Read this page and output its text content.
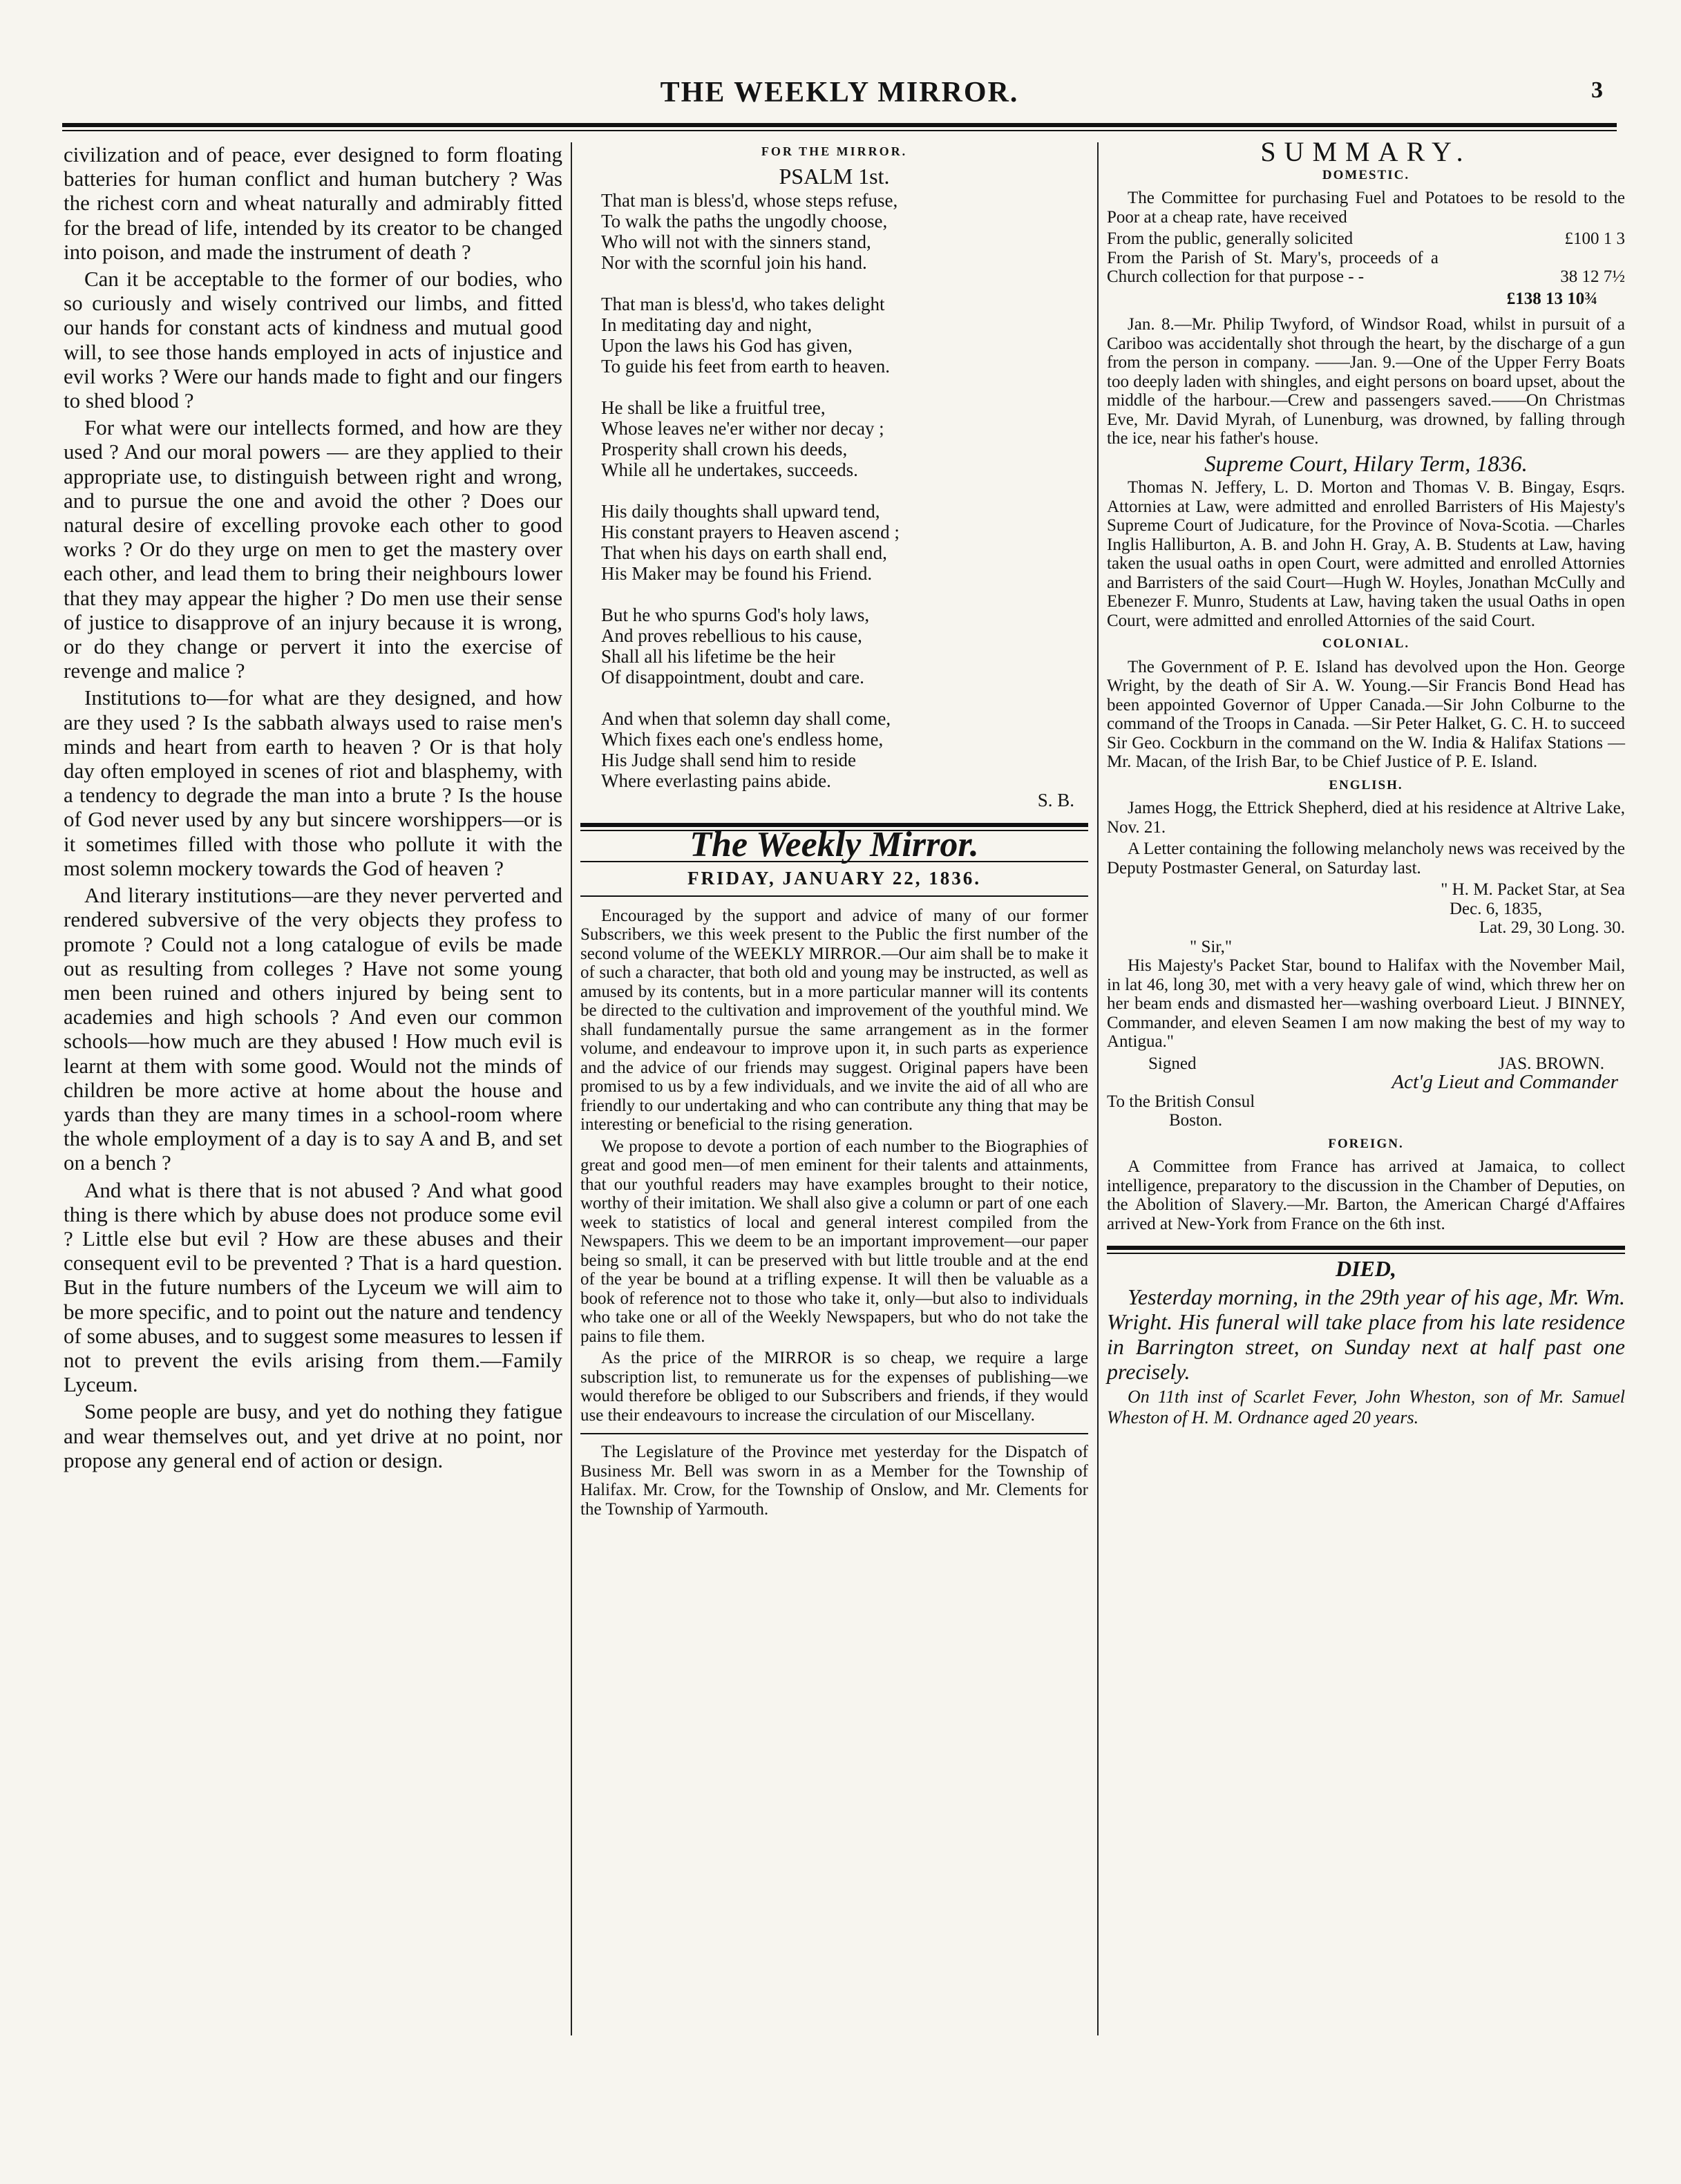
THE WEEKLY MIRROR.	3

civilization and of peace, ever designed to form floating batteries for human conflict and human butchery ? Was the richest corn and wheat naturally and admirably fitted for the bread of life, intended by its creator to be changed into poison, and made the instrument of death ?

Can it be acceptable to the former of our bodies, who so curiously and wisely contrived our limbs, and fitted our hands for constant acts of kindness and mutual good will, to see those hands employed in acts of injustice and evil works ? Were our hands made to fight and our fingers to shed blood ?

For what were our intellects formed, and how are they used ? And our moral powers — are they applied to their appropriate use, to distinguish between right and wrong, and to pursue the one and avoid the other ? Does our natural desire of excelling provoke each other to good works ? Or do they urge on men to get the mastery over each other, and lead them to bring their neighbours lower that they may appear the higher ? Do men use their sense of justice to disapprove of an injury because it is wrong, or do they change or pervert it into the exercise of revenge and malice ?

Institutions to—for what are they designed, and how are they used ? Is the sabbath always used to raise men's minds and heart from earth to heaven ? Or is that holy day often employed in scenes of riot and blasphemy, with a tendency to degrade the man into a brute ? Is the house of God never used by any but sincere worshippers—or is it sometimes filled with those who pollute it with the most solemn mockery towards the God of heaven ?

And literary institutions—are they never perverted and rendered subversive of the very objects they profess to promote ? Could not a long catalogue of evils be made out as resulting from colleges ? Have not some young men been ruined and others injured by being sent to academies and high schools ? And even our common schools—how much are they abused ! How much evil is learnt at them with some good. Would not the minds of children be more active at home about the house and yards than they are many times in a school-room where the whole employment of a day is to say A and B, and set on a bench ?

And what is there that is not abused ? And what good thing is there which by abuse does not produce some evil ? Little else but evil ? How are these abuses and their consequent evil to be prevented ? That is a hard question. But in the future numbers of the Lyceum we will aim to be more specific, and to point out the nature and tendency of some abuses, and to suggest some measures to lessen if not to prevent the evils arising from them.—Family Lyceum.

Some people are busy, and yet do nothing they fatigue and wear themselves out, and yet drive at no point, nor propose any general end of action or design.

FOR THE MIRROR.
PSALM 1st.
That man is bless'd, whose steps refuse,
To walk the paths the ungodly choose,
Who will not with the sinners stand,
Nor with the scornful join his hand.
That man is bless'd, who takes delight
In meditating day and night,
Upon the laws his God has given,
To guide his feet from earth to heaven.
He shall be like a fruitful tree,
Whose leaves ne'er wither nor decay ;
Prosperity shall crown his deeds,
While all he undertakes, succeeds.
His daily thoughts shall upward tend,
His constant prayers to Heaven ascend ;
That when his days on earth shall end,
His Maker may be found his Friend.
But he who spurns God's holy laws,
And proves rebellious to his cause,
Shall all his lifetime be the heir
Of disappointment, doubt and care.
And when that solemn day shall come,
Which fixes each one's endless home,
His Judge shall send him to reside
Where everlasting pains abide.
S. B.
The Weekly Mirror.
FRIDAY, JANUARY 22, 1836.

Encouraged by the support and advice of many of our former Subscribers, we this week present to the Public the first number of the second volume of the WEEKLY MIRROR.—Our aim shall be to make it of such a character, that both old and young may be instructed, as well as amused by its contents, but in a more particular manner will its contents be directed to the cultivation and improvement of the youthful mind. We shall fundamentally pursue the same arrangement as in the former volume, and endeavour to improve upon it, in such parts as experience and the advice of our friends may suggest. Original papers have been promised to us by a few individuals, and we invite the aid of all who are friendly to our undertaking and who can contribute any thing that may be interesting or beneficial to the rising generation.

We propose to devote a portion of each number to the Biographies of great and good men—of men eminent for their talents and attainments, that our youthful readers may have examples brought to their notice, worthy of their imitation. We shall also give a column or part of one each week to statistics of local and general interest compiled from the Newspapers. This we deem to be an important improvement—our paper being so small, it can be preserved with but little trouble and at the end of the year be bound at a trifling expense. It will then be valuable as a book of reference not to those who take it, only—but also to individuals who take one or all of the Weekly Newspapers, but who do not take the pains to file them.

As the price of the MIRROR is so cheap, we require a large subscription list, to remunerate us for the expenses of publishing—we would therefore be obliged to our Subscribers and friends, if they would use their endeavours to increase the circulation of our Miscellany.

The Legislature of the Province met yesterday for the Dispatch of Business Mr. Bell was sworn in as a Member for the Township of Halifax. Mr. Crow, for the Township of Onslow, and Mr. Clements for the Township of Yarmouth.

SUMMARY.
DOMESTIC.

The Committee for purchasing Fuel and Potatoes to be resold to the Poor at a cheap rate, have received

From the public, generally solicited	£100 1 3
From the Parish of St. Mary's, proceeds of a Church collection for that purpose - -	38 12 7½
£138 13 10¾

Jan. 8.—Mr. Philip Twyford, of Windsor Road, whilst in pursuit of a Cariboo was accidentally shot through the heart, by the discharge of a gun from the person in company. ——Jan. 9.—One of the Upper Ferry Boats too deeply laden with shingles, and eight persons on board upset, about the middle of the harbour.—Crew and passengers saved.——On Christmas Eve, Mr. David Myrah, of Lunenburg, was drowned, by falling through the ice, near his father's house.

Supreme Court, Hilary Term, 1836.

Thomas N. Jeffery, L. D. Morton and Thomas V. B. Bingay, Esqrs. Attornies at Law, were admitted and enrolled Barristers of His Majesty's Supreme Court of Judicature, for the Province of Nova-Scotia. —Charles Inglis Halliburton, A. B. and John H. Gray, A. B. Students at Law, having taken the usual oaths in open Court, were admitted and enrolled Attornies and Barristers of the said Court—Hugh W. Hoyles, Jonathan McCully and Ebenezer F. Munro, Students at Law, having taken the usual Oaths in open Court, were admitted and enrolled Attornies of the said Court.

COLONIAL.

The Government of P. E. Island has devolved upon the Hon. George Wright, by the death of Sir A. W. Young.—Sir Francis Bond Head has been appointed Governor of Upper Canada.—Sir John Colburne to the command of the Troops in Canada. —Sir Peter Halket, G. C. H. to succeed Sir Geo. Cockburn in the command on the W. India & Halifax Stations —Mr. Macan, of the Irish Bar, to be Chief Justice of P. E. Island.

ENGLISH.

James Hogg, the Ettrick Shepherd, died at his residence at Altrive Lake, Nov. 21.

A Letter containing the following melancholy news was received by the Deputy Postmaster General, on Saturday last.

" H. M. Packet Star, at Sea
Dec. 6, 1835,
Lat. 29, 30 Long. 30.
" Sir,"

His Majesty's Packet Star, bound to Halifax with the November Mail, in lat 46, long 30, met with a very heavy gale of wind, which threw her on her beam ends and dismasted her—washing overboard Lieut. J BINNEY, Commander, and eleven Seamen I am now making the best of my way to Antigua."

Signed	JAS. BROWN.
Act'g Lieut and Commander
To the British Consul
Boston.
FOREIGN.

A Committee from France has arrived at Jamaica, to collect intelligence, preparatory to the discussion in the Chamber of Deputies, on the Abolition of Slavery.—Mr. Barton, the American Chargé d'Affaires arrived at New-York from France on the 6th inst.

DIED,

Yesterday morning, in the 29th year of his age, Mr. Wm. Wright. His funeral will take place from his late residence in Barrington street, on Sunday next at half past one precisely.

On 11th inst of Scarlet Fever, John Wheston, son of Mr. Samuel Wheston of H. M. Ordnance aged 20 years.
